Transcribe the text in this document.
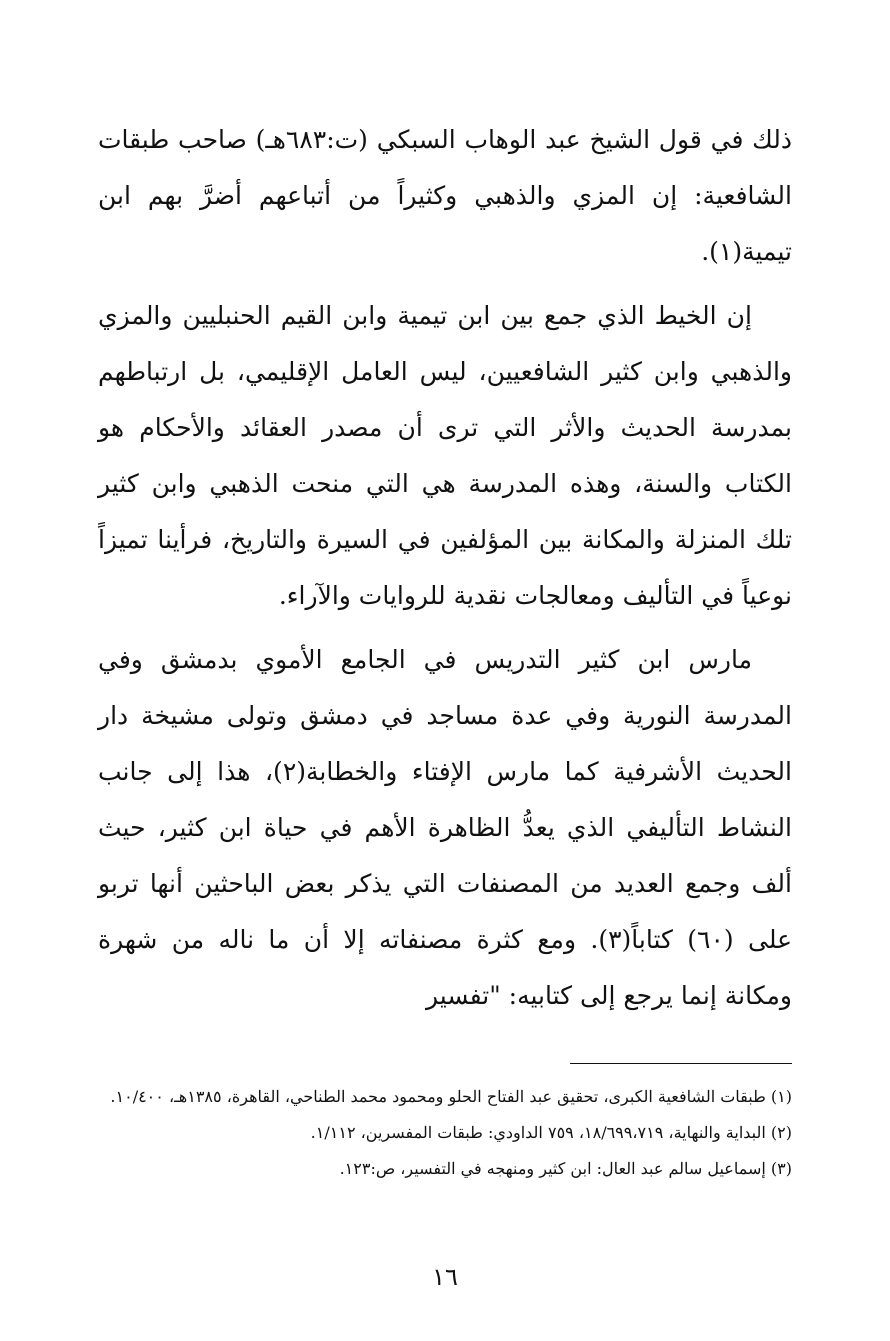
ذلك في قول الشيخ عبد الوهاب السبكي (ت:٦٨٣هـ) صاحب طبقات الشافعية: إن المزي والذهبي وكثيراً من أتباعهم أضرَّ بهم ابن تيمية(١).

إن الخيط الذي جمع بين ابن تيمية وابن القيم الحنبليين والمزي والذهبي وابن كثير الشافعيين، ليس العامل الإقليمي، بل ارتباطهم بمدرسة الحديث والأثر التي ترى أن مصدر العقائد والأحكام هو الكتاب والسنة، وهذه المدرسة هي التي منحت الذهبي وابن كثير تلك المنزلة والمكانة بين المؤلفين في السيرة والتاريخ، فرأينا تميزاً نوعياً في التأليف ومعالجات نقدية للروايات والآراء.

مارس ابن كثير التدريس في الجامع الأموي بدمشق وفي المدرسة النورية وفي عدة مساجد في دمشق وتولى مشيخة دار الحديث الأشرفية كما مارس الإفتاء والخطابة(٢)، هذا إلى جانب النشاط التأليفي الذي يعدُّ الظاهرة الأهم في حياة ابن كثير، حيث ألف وجمع العديد من المصنفات التي يذكر بعض الباحثين أنها تربو على (٦٠) كتاباً(٣). ومع كثرة مصنفاته إلا أن ما ناله من شهرة ومكانة إنما يرجع إلى كتابيه: "تفسير

(١) طبقات الشافعية الكبرى، تحقيق عبد الفتاح الحلو ومحمود محمد الطناحي، القاهرة، ١٣٨٥هـ، ١٠/٤٠٠.

(٢) البداية والنهاية، ١٨/٦٩٩،٧١٩، ٧٥٩ الداودي: طبقات المفسرين، ١/١١٢.

(٣) إسماعيل سالم عبد العال: ابن كثير ومنهجه في التفسير، ص:١٢٣.

١٦
